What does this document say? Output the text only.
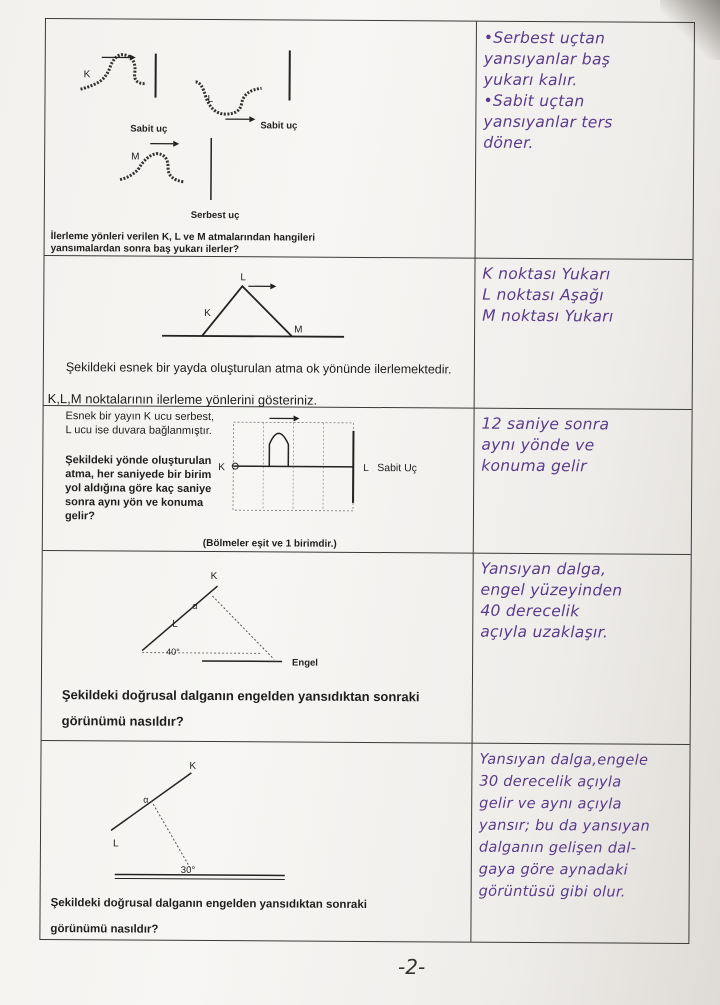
K
L
Sabit uç	Sabit uç
M
Serbest uç
İlerleme yönleri verilen K, L ve M atmalarından hangileri yansımalardan sonra baş yukarı ilerler?
•Serbest uçtan
yansıyanlar baş
yukarı kalır.
•Sabit uçtan
yansıyanlar ters
döner.
K
L
M
Şekildeki esnek bir yayda oluşturulan atma ok yönünde ilerlemektedir.
K,L,M noktalarının ilerleme yönlerini gösteriniz.
K noktası Yukarı
L noktası Aşağı
M noktası Yukarı
Esnek bir yayın K ucu serbest, L ucu ise duvara bağlanmıştır.
Şekildeki yönde oluşturulan atma, her saniyede bir birim yol aldığına göre kaç saniye sonra aynı yön ve konuma gelir?
(Bölmeler eşit ve 1 birimdir.)
K	L Sabit Uç
12 saniye sonra
aynı yönde ve
konuma gelir
K
L
α
40°
Engel
Şekildeki doğrusal dalganın engelden yansıdıktan sonraki görünümü nasıldır?
Yansıyan dalga,
engel yüzeyinden
40 derecelik
açıyla uzaklaşır.
K
L
α
30°
Şekildeki doğrusal dalganın engelden yansıdıktan sonraki görünümü nasıldır?
Yansıyan dalga,engele
30 derecelik açıyla
gelir ve aynı açıyla
yansır; bu da yansıyan
dalganın gelişen dal-
gaya göre aynadaki
görüntüsü gibi olur.
-2-
